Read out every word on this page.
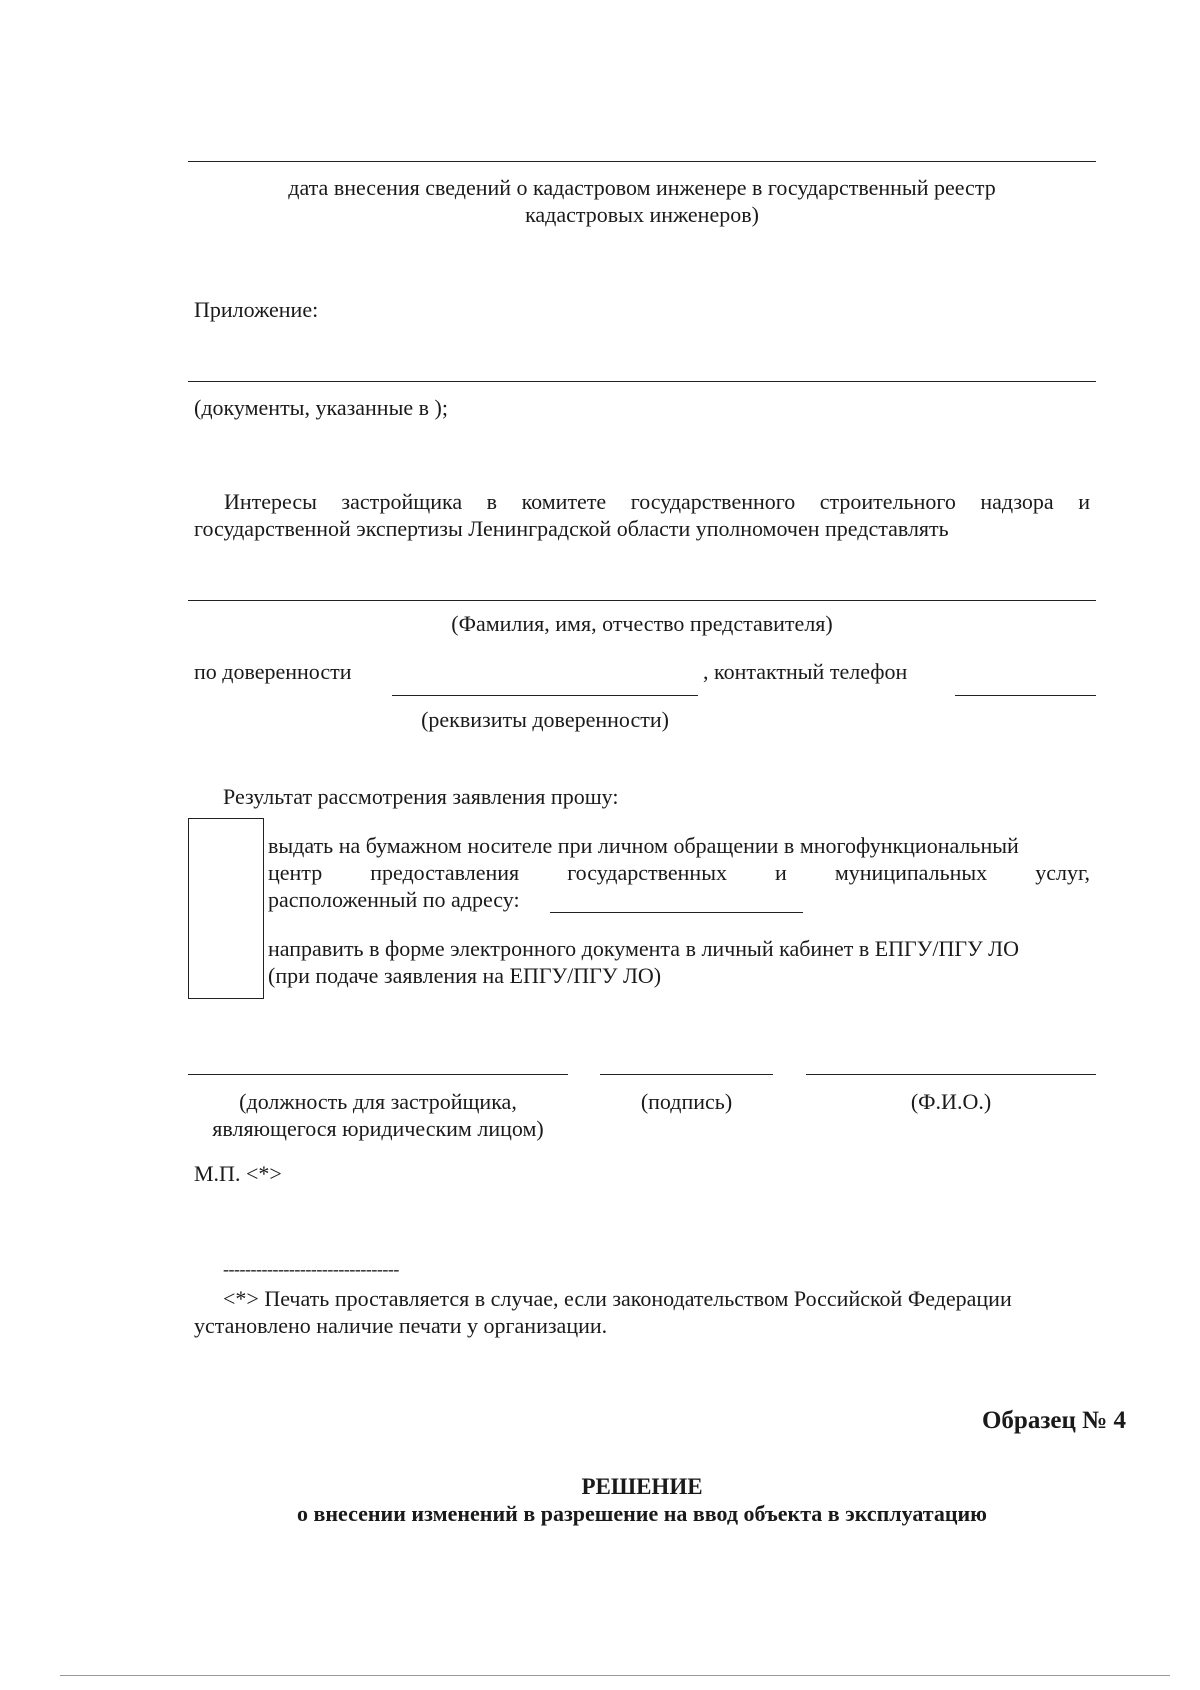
дата внесения сведений о кадастровом инженере в государственный реестр
кадастровых инженеров)
Приложение:
(документы, указанные в );
Интересы застройщика в комитете государственного строительного надзора и
государственной экспертизы Ленинградской области уполномочен представлять
(Фамилия, имя, отчество представителя)
по доверенности	, контактный телефон
(реквизиты доверенности)
Результат рассмотрения заявления прошу:
выдать на бумажном носителе при личном обращении в многофункциональный
центр предоставления государственных и муниципальных услуг,
расположенный по адресу:
направить в форме электронного документа в личный кабинет в ЕПГУ/ПГУ ЛО
(при подаче заявления на ЕПГУ/ПГУ ЛО)
(должность для застройщика,
являющегося юридическим лицом)
(подпись)	(Ф.И.О.)
М.П. <*>
--------------------------------
<*> Печать проставляется в случае, если законодательством Российской Федерации
установлено наличие печати у организации.
Образец № 4
РЕШЕНИЕ
о внесении изменений в разрешение на ввод объекта в эксплуатацию
